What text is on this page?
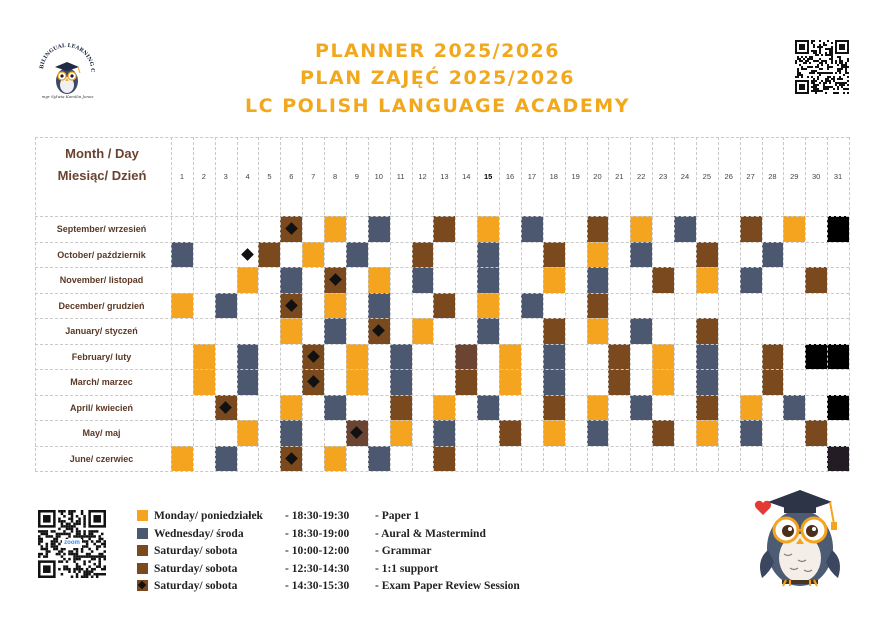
BILINGUAL LEARNING C
mgr Sylwia Kamilia Jones
PLANNER 2025/2026
PLAN ZAJĘĆ 2025/2026
LC POLISH LANGUAGE ACADEMY
September/ wrzesień
October/ październik
November/ listopad
December/ grudzień
January/ styczeń
February/ luty
March/ marzec
April/ kwiecień
May/ maj
June/ czerwiec
Month / Day
Miesiąc/ Dzień	1	2	3	4	5	6	7	8	9	10	11	12	13	14	15	16	17	18	19	20	21	22	23	24	25	26	27	28	29	30	31
Monday/ poniedziałek - 18:30-19:30 - Paper 1
Wednesday/ środa	- 18:30-19:00 - Aural & Mastermind
Saturday/ sobota	- 10:00-12:00 - Grammar
Saturday/ sobota	- 12:30-14:30 - 1:1 support
Saturday/ sobota	- 14:30-15:30 - Exam Paper Review Session
zoom
